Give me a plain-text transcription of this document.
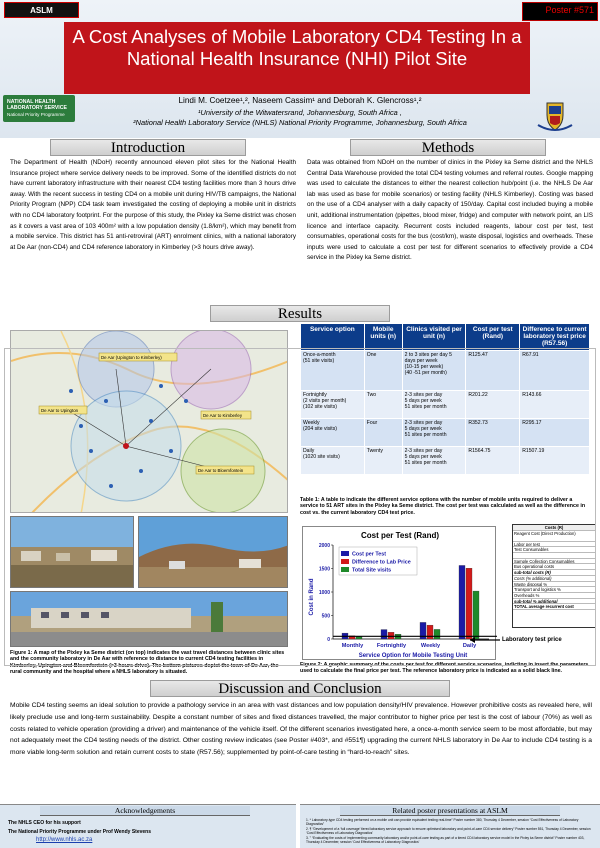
ASLM	Poster #571
A Cost Analyses of Mobile Laboratory CD4 Testing In a National Health Insurance (NHI) Pilot Site
NATIONAL HEALTH LABORATORY SERVICE
National Priority Programme
Lindi M. Coetzee¹,², Naseem Cassim¹ and Deborah K. Glencross¹,²
¹University of the Witwatersrand, Johannesburg, South Africa ,
²National Health Laboratory Service (NHLS) National Priority Programme, Johannesburg, South Africa
Introduction
The Department of Health (NDoH) recently announced eleven pilot sites for the National Health Insurance project where service delivery needs to be improved. Some of the identified districts do not have current laboratory infrastructure with their nearest CD4 testing facilities more than 3 hours drive away. With the recent success in testing CD4 on a mobile unit during HIV/TB campaigns, the National Priority Program (NPP) CD4 task team investigated the costing of deploying a mobile unit in districts with no CD4 laboratory footprint. For the purpose of this study, the Pixley ka Seme district was chosen as it covers a vast area of 103 400m² with a low population density (1.8/km²), which may benefit from a mobile service. This district has 51 anti-retroviral (ART) enrolment clinics, with a national laboratory at De Aar (non-CD4) and CD4 reference laboratory in Kimberley (>3 hours drive away).
Methods
Data was obtained from NDoH on the number of clinics in the Pixley ka Seme district and the NHLS Central Data Warehouse provided the total CD4 testing volumes and referral routes. Google mapping was used to calculate the distances to either the nearest collection hub/point (i.e. the NHLS De Aar lab was used as base for mobile scenarios) or testing facility (NHLS Kimberley). Costing was based on the use of a CD4 analyser with a daily capacity of 150/day. Capital cost included buying a mobile unit, additional instrumentation (pipettes, blood mixer, fridge) and computer with network point, an LIS licence and interface capacity. Recurrent costs included reagents, labour cost per test, test consumables, operational costs for the bus (cost/km), waste disposal, logistics and overheads. These inputs were used to calculate a cost per test for different scenarios to effectively provide a CD4 service in the Pixley ka Seme district.
Results
De Aar (Upington to Kimberley)
De Aar to Upington
De Aar to Kimberley
De Aar to Bloemfontein
Figure 1: A map of the Pixley ka Seme district (on top) indicates the vast travel distances between clinic sites and the community laboratory in De Aar with reference to distance to current CD4 testing facilities in Kimberley, Upington and Bloemfontein (>3 hours drive). The bottom pictures depict the town of De Aar, the rural community and the hospital where a NHLS laboratory is situated.
Service option	Mobile units (n)	Clinics visited per unit (n)	Cost per test (Rand)	Difference to current laboratory test price (R57.56)
Once-a-month
(51 site visits)	One	2 to 3 sites per day 5
days per week
(10-15 per week)
(40 -51 per month)	R125.47	R67.91
Fortnightly
(2 visits per month)
(102 site visits)	Two	2-3 sites per day
5 days per week
51 sites per month	R201.22	R143.66
Weekly
(204 site visits)	Four	2-3 sites per day
5 days per week
51 sites per month	R352.73	R295.17
Daily
(1020 site visits)	Twenty	2-3 sites per day
5 days per week
51 sites per month	R1564.75	R1507.19
Table 1: A table to indicate the different service options with the number of mobile units required to deliver a service to 51 ART sites in the Pixley ka Seme district. The cost per test was calculated as well as the difference in cost vs. the current laboratory CD4 test price.
Cost per Test (Rand)
Cost in Rand
Service Option for Mobile Testing Unit
0
500
1000
1500
2000
Monthly Fortnightly	Weekly	Daily
Cost per Test
Difference to Lab Price
Total Site visits
Costs (R)
Reagent Cost (Direct Production)
Labor per test
Test Consumables
Sample Collection Consumables
Bus operational costs
sub-total costs (R)
Costs (% additional)
Waste disposal %
Transport and logistics %
Overheads %
sub-total % additional
TOTAL average recurrent cost
Laboratory test price
Figure 2: A graphic summary of the costs per test for different service scenarios, indicting in insert the parameters used to calculate the final price per test. The reference laboratory price is indicated as a solid black line.
Discussion and Conclusion
Mobile CD4 testing seems an ideal solution to provide a pathology service in an area with vast distances and low population density/HIV prevalence. However prohibitive costs as revealed here, will likely preclude use and long-term sustainability. Despite a constant number of sites and fixed distances travelled, the major contributor to higher price per test is the cost of labour (70%) as well as costs related to vehicle operation (providing a driver) and maintenance of the vehicle itself. Of the different scenarios investigated here, a once-a-month service seem to be most affordable, but may not adequately meet the CD4 testing needs of the district. Other costing review indicates (see Poster #403*, and #551¶) upgrading the current NHLS laboratory in De Aar to include CD4 testing is a more viable long-term solution and retain current costs to state (R57.56); supplemented by point-of-care testing in “hard-to-reach” sites.
Acknowledgements
The NHLS CEO for his support
The National Priority Programme under Prof Wendy Stevens
http://www.nhls.ac.za
Related poster presentations at ASLM
1. * Laboratory-type CD4 testing performed on a mobile unit can provide equivalent testing real-time” Poster number 380, Thursday 4 December, session “Cost Effectiveness of Laboratory Diagnostics”
2. ¶ “Development of a ‘full coverage’ tiered laboratory service approach to ensure optimised laboratory and point-of-care CD4 service delivery” Poster number 551, Thursday 4 December, session ‘Cost Effectiveness of Laboratory Diagnostics’
3. ° “Evaluating the costs of implementing community laboratory and/or point-of-care testing as part of a tiered CD4 laboratory service model in the Pixley ka Seme district” Poster number 403, Thursday 4 December, session ‘Cost Effectiveness of Laboratory Diagnostics’
